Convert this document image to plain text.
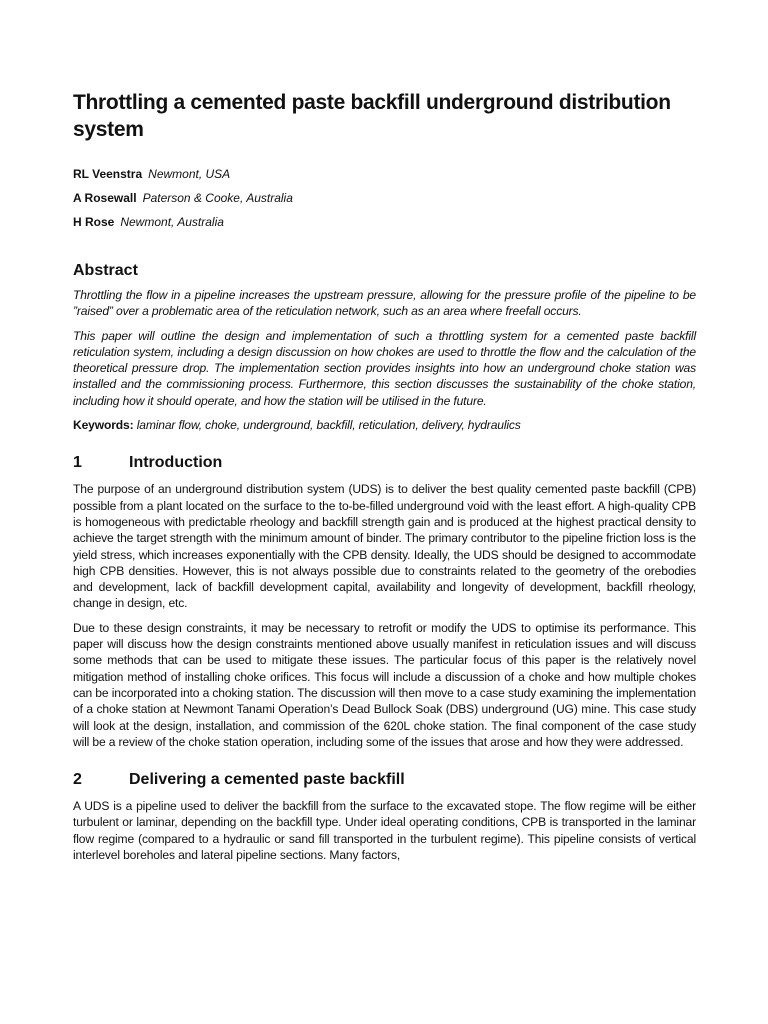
Throttling a cemented paste backfill underground distribution system
RL Veenstra Newmont, USA
A Rosewall Paterson & Cooke, Australia
H Rose Newmont, Australia
Abstract

Throttling the flow in a pipeline increases the upstream pressure, allowing for the pressure profile of the pipeline to be ”raised” over a problematic area of the reticulation network, such as an area where freefall occurs.

This paper will outline the design and implementation of such a throttling system for a cemented paste backfill reticulation system, including a design discussion on how chokes are used to throttle the flow and the calculation of the theoretical pressure drop. The implementation section provides insights into how an underground choke station was installed and the commissioning process. Furthermore, this section discusses the sustainability of the choke station, including how it should operate, and how the station will be utilised in the future.

Keywords: laminar flow, choke, underground, backfill, reticulation, delivery, hydraulics

1	Introduction

The purpose of an underground distribution system (UDS) is to deliver the best quality cemented paste backfill (CPB) possible from a plant located on the surface to the to-be-filled underground void with the least effort. A high-quality CPB is homogeneous with predictable rheology and backfill strength gain and is produced at the highest practical density to achieve the target strength with the minimum amount of binder. The primary contributor to the pipeline friction loss is the yield stress, which increases exponentially with the CPB density. Ideally, the UDS should be designed to accommodate high CPB densities. However, this is not always possible due to constraints related to the geometry of the orebodies and development, lack of backfill development capital, availability and longevity of development, backfill rheology, change in design, etc.

Due to these design constraints, it may be necessary to retrofit or modify the UDS to optimise its performance. This paper will discuss how the design constraints mentioned above usually manifest in reticulation issues and will discuss some methods that can be used to mitigate these issues. The particular focus of this paper is the relatively novel mitigation method of installing choke orifices. This focus will include a discussion of a choke and how multiple chokes can be incorporated into a choking station. The discussion will then move to a case study examining the implementation of a choke station at Newmont Tanami Operation’s Dead Bullock Soak (DBS) underground (UG) mine. This case study will look at the design, installation, and commission of the 620L choke station. The final component of the case study will be a review of the choke station operation, including some of the issues that arose and how they were addressed.

2	Delivering a cemented paste backfill

A UDS is a pipeline used to deliver the backfill from the surface to the excavated stope. The flow regime will be either turbulent or laminar, depending on the backfill type. Under ideal operating conditions, CPB is transported in the laminar flow regime (compared to a hydraulic or sand fill transported in the turbulent regime). This pipeline consists of vertical interlevel boreholes and lateral pipeline sections. Many factors,
